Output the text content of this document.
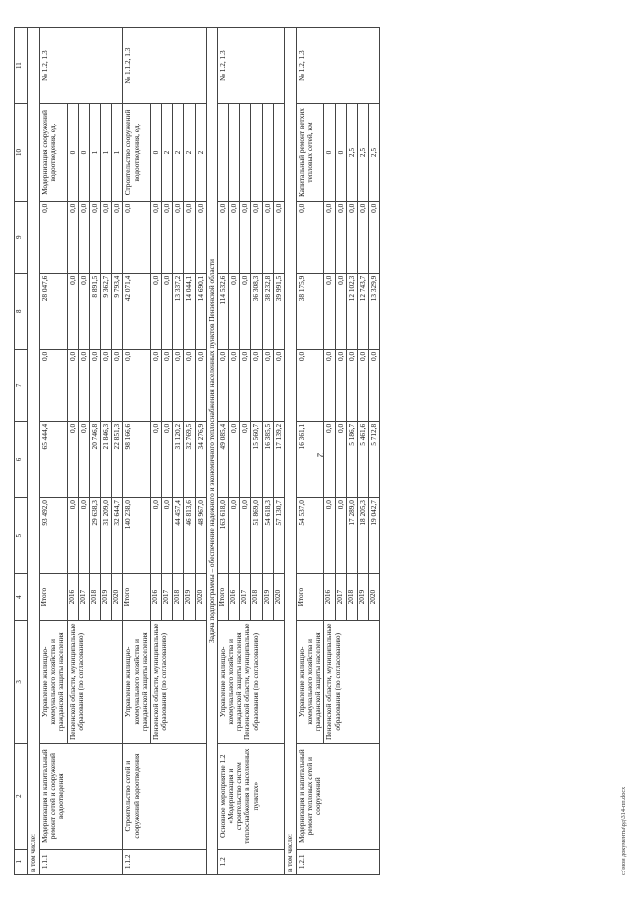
2
1	2	3	4	5	6	7	8	9	10	11
в том числе:										
1.1.1	Модернизация и капитальный ремонт сетей и сооружений водоотведения	Управление жилищно-коммунального хозяйства и гражданской защиты населения	Итого	93 492,0	65 444,4	0,0	28 047,6	0,0	Модернизация сооружений водоотведения, ед.	№ 1.2, 1.3
		Пензенской области, муниципальные образования (по согласованию)	2016	0,0	0,0	0,0	0,0	0,0	0	
			2017	0,0	0,0	0,0	0,0	0,0	0	
			2018	29 638,3	20 746,8	0,0	8 891,5	0,0	1	
			2019	31 209,0	21 846,3	0,0	9 362,7	0,0	1	
			2020	32 644,7	22 851,3	0,0	9 793,4	0,0	1	
1.1.2	Строительство сетей и сооружений водоотведения	Управление жилищно-коммунального хозяйства и гражданской защиты населения	Итого	140 238,0	98 166,6	0,0	42 071,4	0,0	Строительство сооружений водоотведения, ед.	№ 1.1.2, 1.3
		Пензенской области, муниципальные образования (по согласованию)	2016	0,0	0,0	0,0	0,0	0,0	0	
			2017	0,0	0,0	0,0	0,0	0,0	2	
			2018	44 457,4	31 120,2	0,0	13 337,2	0,0	2	
			2019	46 813,6	32 769,5	0,0	14 044,1	0,0	2	
			2020	48 967,0	34 276,9	0,0	14 690,1	0,0	2	
Задача подпрограммы – обеспечение надежного и экономичного теплоснабжения населенных пунктов Пензенской области										
1.2	Основное мероприятие 1.2 «Модернизация и строительство систем теплоснабжения в населенных пунктах»	Управление жилищно-коммунального хозяйства и гражданской защиты населения Пензенской области, муниципальные образования (по согласованию)	Итого	163 618,0	49 085,4	0,0	114 532,6	0,0		№ 1.2, 1.3
			2016	0,0	0,0	0,0	0,0	0,0		
			2017	0,0	0,0	0,0	0,0	0,0		
			2018	51 869,0	15 560,7	0,0	36 308,3	0,0		
			2019	54 618,3	16 385,5	0,0	38 232,8	0,0		
			2020	57 130,7	17 139,2	0,0	39 991,5	0,0		
в том числе:										
1.2.1	Модернизация и капитальный ремонт тепловых сетей и сооружений	Управление жилищно-коммунального хозяйства и гражданской защиты населения	Итого	54 537,0	16 361,1	0,0	38 175,9	0,0	Капитальный ремонт ветхих тепловых сетей, км	№ 1.2, 1.3
		Пензенской области, муниципальные образования (по согласованию)	2016	0,0	0,0	0,0	0,0	0,0	0	
			2017	0,0	0,0	0,0	0,0	0,0	0	
			2018	17 289,0	5 186,7	0,0	12 102,3	0,0	2,5	
			2019	18 205,3	5 461,6	0,0	12 743,7	0,0	2,5	
			2020	19 042,7	5 712,8	0,0	13 329,9	0,0	2,5	
c:\мои документы\рд\314-пп.docx
